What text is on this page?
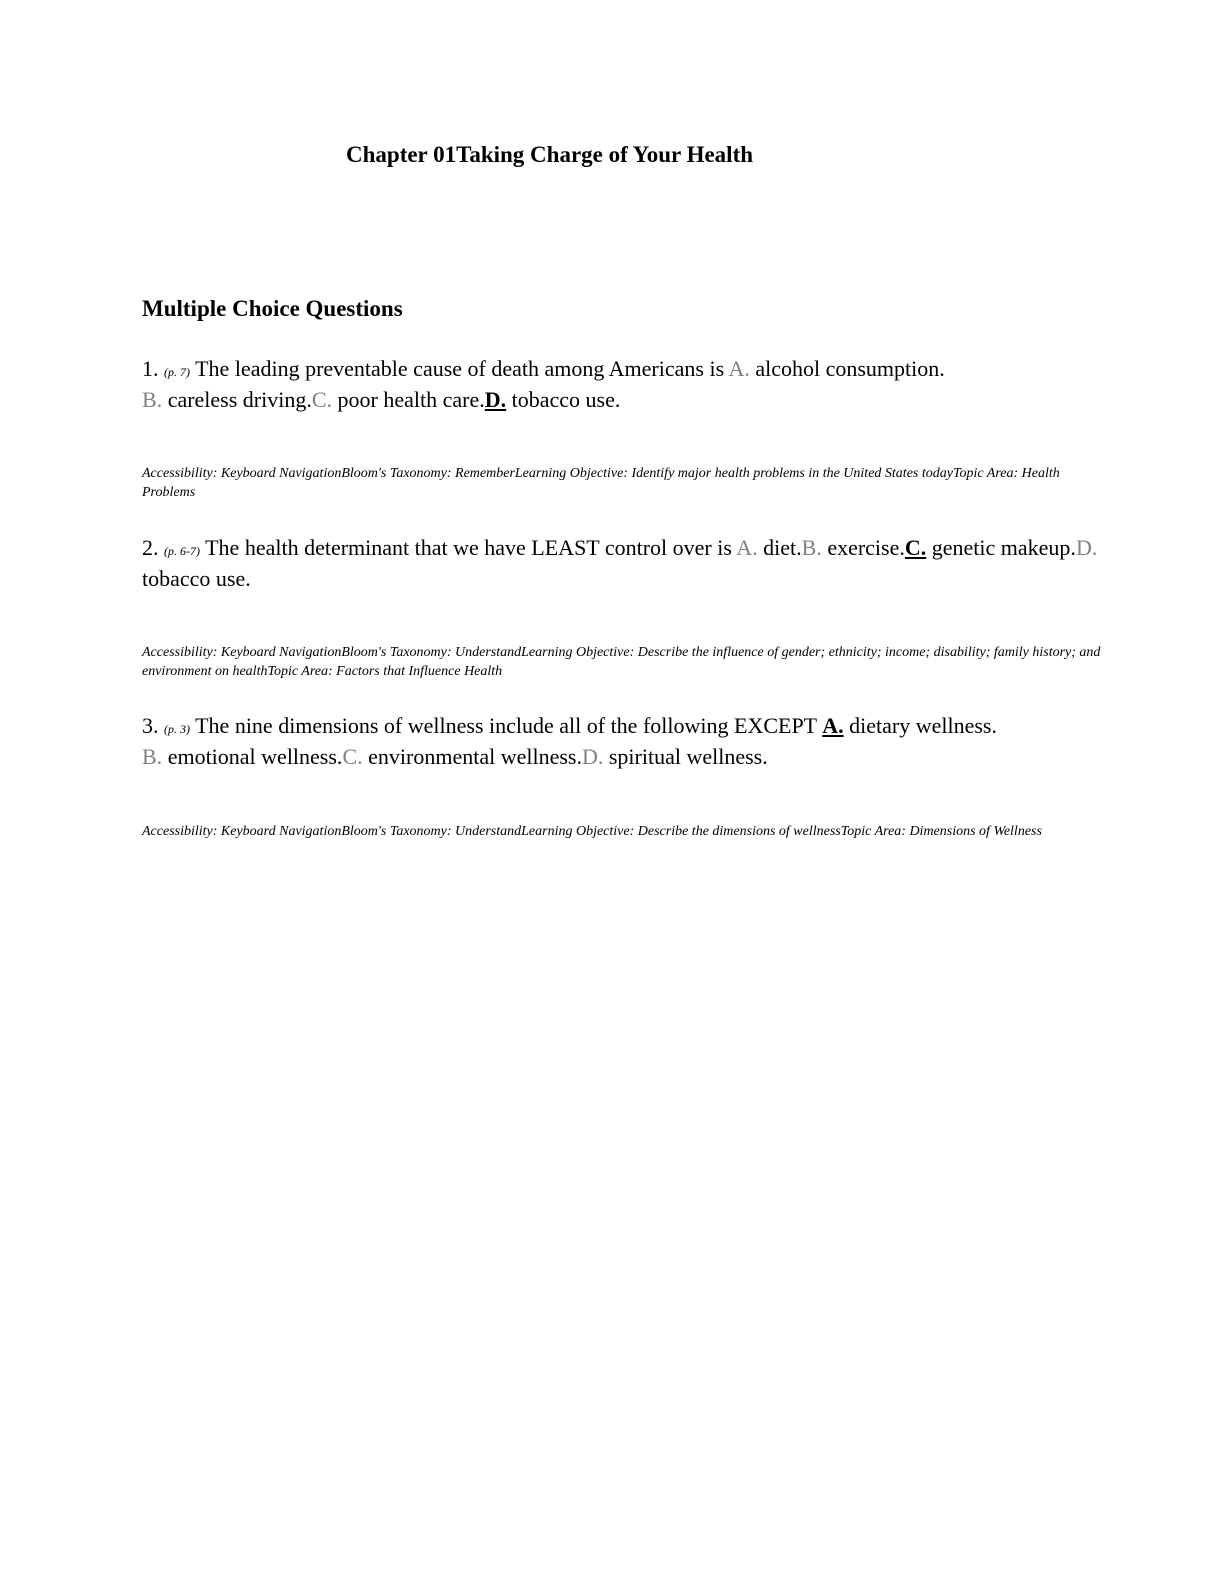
Chapter 01Taking Charge of Your Health
Multiple Choice Questions
1. (p. 7) The leading preventable cause of death among Americans is A. alcohol consumption.
B. careless driving.C. poor health care.D. tobacco use.
Accessibility: Keyboard NavigationBloom's Taxonomy: RememberLearning Objective: Identify major health problems in the United States todayTopic Area: Health Problems
2. (p. 6-7) The health determinant that we have LEAST control over is A. diet.B. exercise.C. genetic makeup.D. tobacco use.
Accessibility: Keyboard NavigationBloom's Taxonomy: UnderstandLearning Objective: Describe the influence of gender; ethnicity; income; disability; family history; and environment on healthTopic Area: Factors that Influence Health
3. (p. 3) The nine dimensions of wellness include all of the following EXCEPT A. dietary wellness.
B. emotional wellness.C. environmental wellness.D. spiritual wellness.
Accessibility: Keyboard NavigationBloom's Taxonomy: UnderstandLearning Objective: Describe the dimensions of wellnessTopic Area: Dimensions of Wellness
